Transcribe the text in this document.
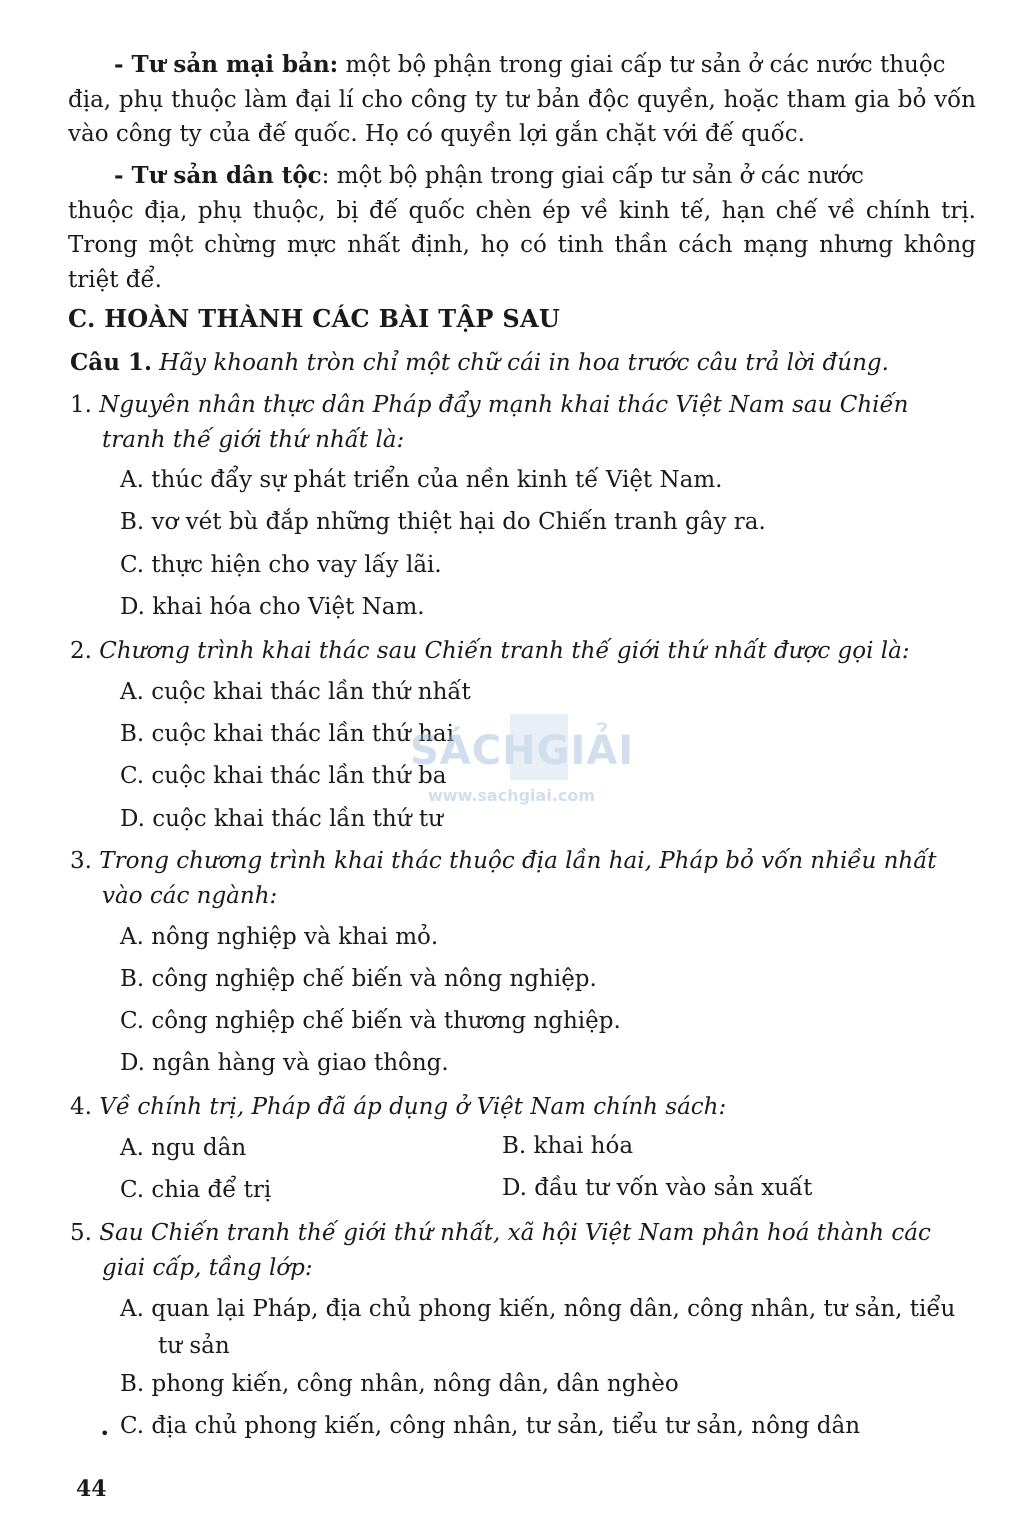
- Tư sản mại bản: một bộ phận trong giai cấp tư sản ở các nước thuộc
địa, phụ thuộc làm đại lí cho công ty tư bản độc quyền, hoặc tham gia bỏ vốn vào công ty của đế quốc. Họ có quyền lợi gắn chặt với đế quốc.
- Tư sản dân tộc: một bộ phận trong giai cấp tư sản ở các nước
thuộc địa, phụ thuộc, bị đế quốc chèn ép về kinh tế, hạn chế về chính trị. Trong một chừng mực nhất định, họ có tinh thần cách mạng nhưng không triệt để.
C. HOÀN THÀNH CÁC BÀI TẬP SAU
Câu 1. Hãy khoanh tròn chỉ một chữ cái in hoa trước câu trả lời đúng.
1. Nguyên nhân thực dân Pháp đẩy mạnh khai thác Việt Nam sau Chiến
tranh thế giới thứ nhất là:
A. thúc đẩy sự phát triển của nền kinh tế Việt Nam.
B. vơ vét bù đắp những thiệt hại do Chiến tranh gây ra.
C. thực hiện cho vay lấy lãi.
D. khai hóa cho Việt Nam.
2. Chương trình khai thác sau Chiến tranh thế giới thứ nhất được gọi là:
A. cuộc khai thác lần thứ nhất
B. cuộc khai thác lần thứ hai
C. cuộc khai thác lần thứ ba
D. cuộc khai thác lần thứ tư
3. Trong chương trình khai thác thuộc địa lần hai, Pháp bỏ vốn nhiều nhất
vào các ngành:
A. nông nghiệp và khai mỏ.
B. công nghiệp chế biến và nông nghiệp.
C. công nghiệp chế biến và thương nghiệp.
D. ngân hàng và giao thông.
4. Về chính trị, Pháp đã áp dụng ở Việt Nam chính sách:
A. ngu dân	B. khai hóa
C. chia để trị	D. đầu tư vốn vào sản xuất
5. Sau Chiến tranh thế giới thứ nhất, xã hội Việt Nam phân hoá thành các
giai cấp, tầng lớp:
A. quan lại Pháp, địa chủ phong kiến, nông dân, công nhân, tư sản, tiểu
tư sản
B. phong kiến, công nhân, nông dân, dân nghèo
• C. địa chủ phong kiến, công nhân, tư sản, tiểu tư sản, nông dân
44
SÁCHGIẢI
www.sachgiai.com
